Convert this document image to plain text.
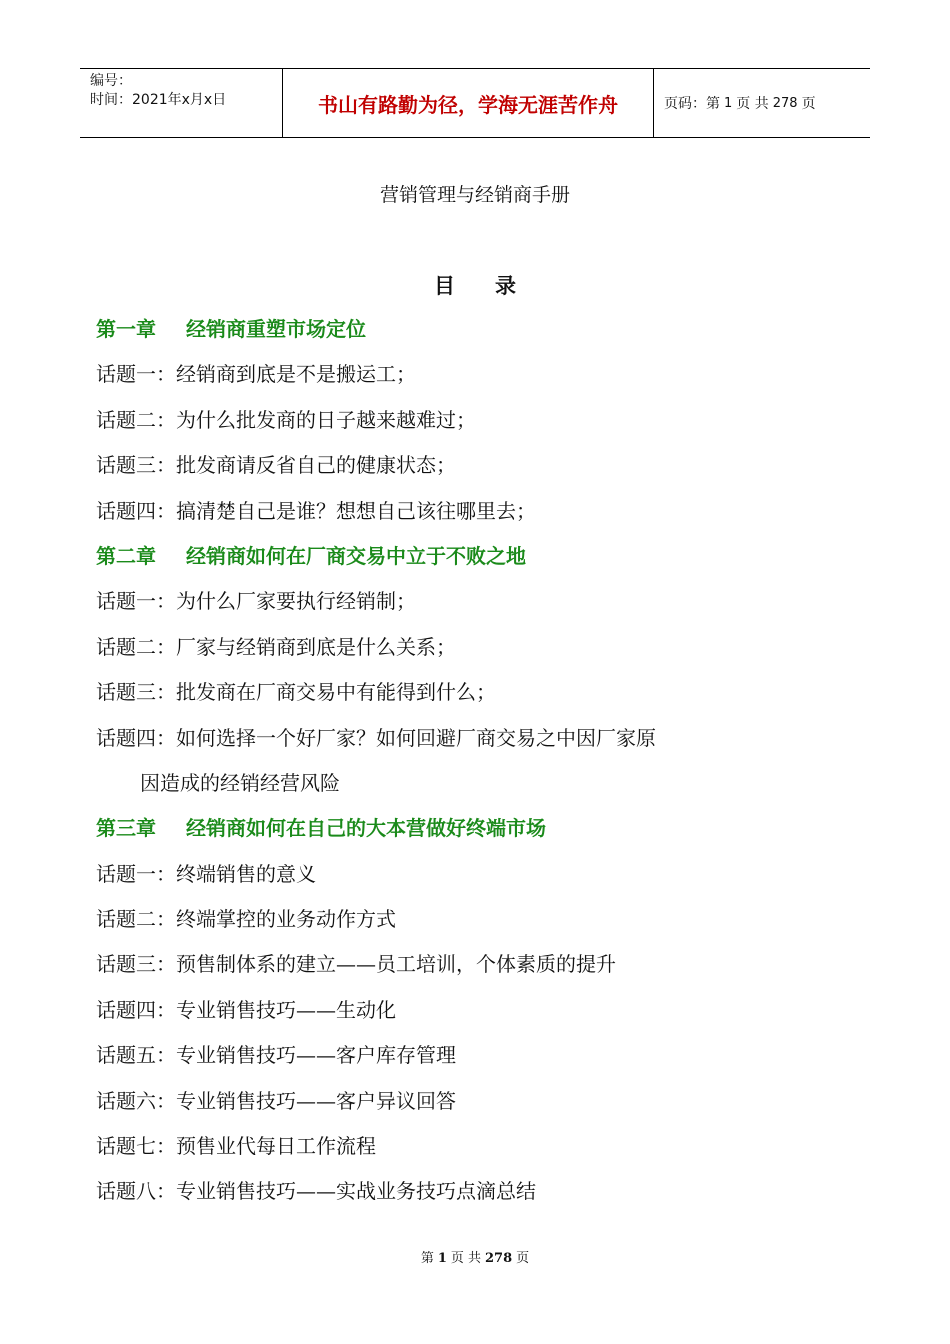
编号：
时间：2021年x月x日	书山有路勤为径，学海无涯苦作舟	页码：第 1 页 共 278 页
营销管理与经销商手册
目录
第一章 经销商重塑市场定位
话题一：经销商到底是不是搬运工；
话题二：为什么批发商的日子越来越难过；
话题三：批发商请反省自己的健康状态；
话题四：搞清楚自己是谁？想想自己该往哪里去；
第二章 经销商如何在厂商交易中立于不败之地
话题一：为什么厂家要执行经销制；
话题二：厂家与经销商到底是什么关系；
话题三：批发商在厂商交易中有能得到什么；
话题四：如何选择一个好厂家？如何回避厂商交易之中因厂家原
因造成的经销经营风险
第三章 经销商如何在自己的大本营做好终端市场
话题一：终端销售的意义
话题二：终端掌控的业务动作方式
话题三：预售制体系的建立——员工培训，个体素质的提升
话题四：专业销售技巧——生动化
话题五：专业销售技巧——客户库存管理
话题六：专业销售技巧——客户异议回答
话题七：预售业代每日工作流程
话题八：专业销售技巧——实战业务技巧点滴总结
第 1 页 共 278 页
